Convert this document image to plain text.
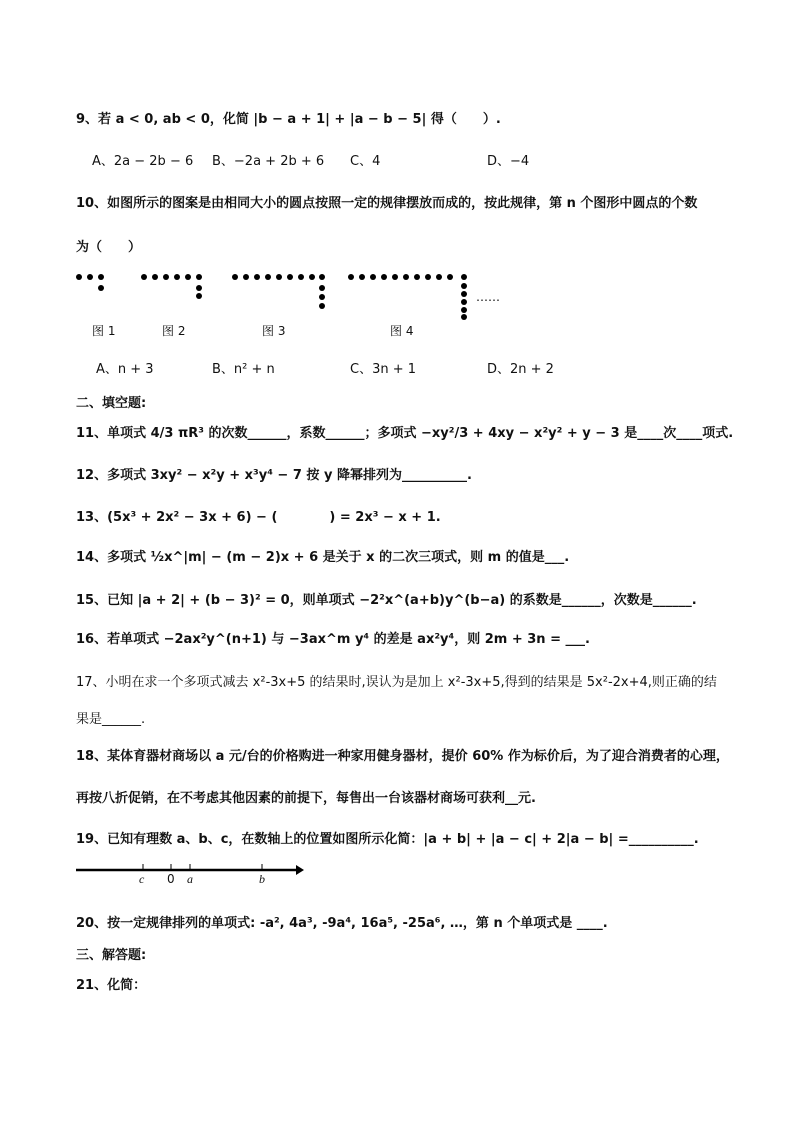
9、若 a < 0, ab < 0，化简 |b − a + 1| + |a − b − 5| 得（　　）.
A、2a − 2b − 6 B、−2a + 2b + 6 C、4	D、−4
10、如图所示的图案是由相同大小的圆点按照一定的规律摆放而成的，按此规律，第 n 个图形中圆点的个数
为（　　）
……
图 1	图 2	图 3	图 4
A、n + 3	B、n² + n	C、3n + 1	D、2n + 2
二、填空题:
11、单项式 4/3 πR³ 的次数______，系数______；多项式 −xy²/3 + 4xy − x²y² + y − 3 是____次____项式.
12、多项式 3xy² − x²y + x³y⁴ − 7 按 y 降幂排列为__________.
13、(5x³ + 2x² − 3x + 6) − (　　　　) = 2x³ − x + 1.
14、多项式 ½x^|m| − (m − 2)x + 6 是关于 x 的二次三项式，则 m 的值是___.
15、已知 |a + 2| + (b − 3)² = 0，则单项式 −2²x^(a+b)y^(b−a) 的系数是______，次数是______.
16、若单项式 −2ax²y^(n+1) 与 −3ax^m y⁴ 的差是 ax²y⁴，则 2m + 3n = ___.
17、小明在求一个多项式减去 x²-3x+5 的结果时,误认为是加上 x²-3x+5,得到的结果是 5x²-2x+4,则正确的结
果是______.
18、某体育器材商场以 a 元/台的价格购进一种家用健身器材，提价 60% 作为标价后，为了迎合消费者的心理，
再按八折促销，在不考虑其他因素的前提下，每售出一台该器材商场可获利__元.
19、已知有理数 a、b、c，在数轴上的位置如图所示化简：|a + b| + |a − c| + 2|a − b| =__________.
c 0 a	b
20、按一定规律排列的单项式: -a², 4a³, -9a⁴, 16a⁵, -25a⁶, …，第 n 个单项式是 ____.
三、解答题:
21、化简：
